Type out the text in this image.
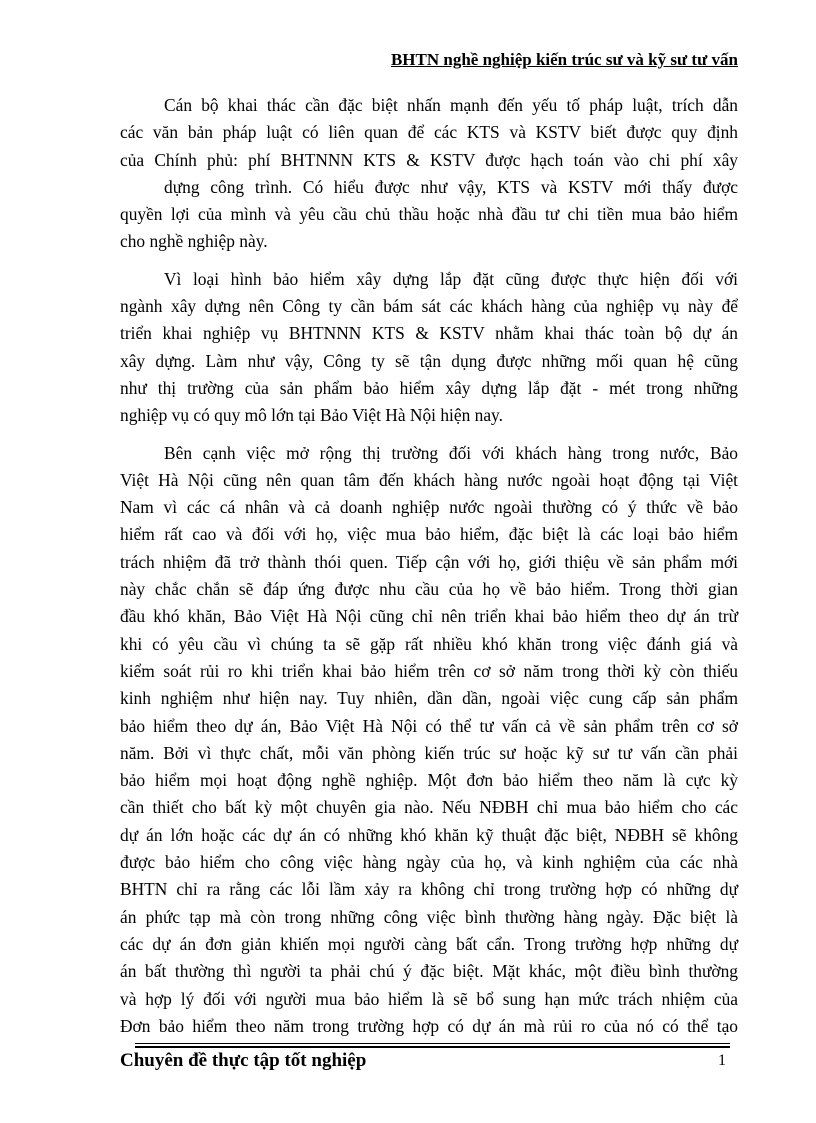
BHTN nghề nghiệp kiến trúc sư và kỹ sư tư vấn

Cán bộ khai thác cần đặc biệt nhấn mạnh đến yếu tố pháp luật, trích dẫn
các văn bản pháp luật có liên quan để các KTS và KSTV biết được quy định
của Chính phủ: phí BHTNNN KTS & KSTV được hạch toán vào chi phí xây
dựng công trình. Có hiểu được như vậy, KTS và KSTV mới thấy được
quyền lợi của mình và yêu cầu chủ thầu hoặc nhà đầu tư chi tiền mua bảo hiểm
cho nghề nghiệp này.

Vì loại hình bảo hiểm xây dựng lắp đặt cũng được thực hiện đối với
ngành xây dựng nên Công ty cần bám sát các khách hàng của nghiệp vụ này để
triển khai nghiệp vụ BHTNNN KTS & KSTV nhằm khai thác toàn bộ dự án
xây dựng. Làm như vậy, Công ty sẽ tận dụng được những mối quan hệ cũng
như thị trường của sản phẩm bảo hiểm xây dựng lắp đặt - mét trong những
nghiệp vụ có quy mô lớn tại Bảo Việt Hà Nội hiện nay.

Bên cạnh việc mở rộng thị trường đối với khách hàng trong nước, Bảo
Việt Hà Nội cũng nên quan tâm đến khách hàng nước ngoài hoạt động tại Việt
Nam vì các cá nhân và cả doanh nghiệp nước ngoài thường có ý thức về bảo
hiểm rất cao và đối với họ, việc mua bảo hiểm, đặc biệt là các loại bảo hiểm
trách nhiệm đã trở thành thói quen. Tiếp cận với họ, giới thiệu về sản phẩm mới
này chắc chắn sẽ đáp ứng được nhu cầu của họ về bảo hiểm. Trong thời gian
đầu khó khăn, Bảo Việt Hà Nội cũng chỉ nên triển khai bảo hiểm theo dự án trừ
khi có yêu cầu vì chúng ta sẽ gặp rất nhiều khó khăn trong việc đánh giá và
kiểm soát rủi ro khi triển khai bảo hiểm trên cơ sở năm trong thời kỳ còn thiếu
kinh nghiệm như hiện nay. Tuy nhiên, dần dần, ngoài việc cung cấp sản phẩm
bảo hiểm theo dự án, Bảo Việt Hà Nội có thể tư vấn cả về sản phẩm trên cơ sở
năm. Bởi vì thực chất, mỗi văn phòng kiến trúc sư hoặc kỹ sư tư vấn cần phải
bảo hiểm mọi hoạt động nghề nghiệp. Một đơn bảo hiểm theo năm là cực kỳ
cần thiết cho bất kỳ một chuyên gia nào. Nếu NĐBH chỉ mua bảo hiểm cho các
dự án lớn hoặc các dự án có những khó khăn kỹ thuật đặc biệt, NĐBH sẽ không
được bảo hiểm cho công việc hàng ngày của họ, và kinh nghiệm của các nhà
BHTN chỉ ra rằng các lỗi lầm xảy ra không chỉ trong trường hợp có những dự
án phức tạp mà còn trong những công việc bình thường hàng ngày. Đặc biệt là
các dự án đơn giản khiến mọi người càng bất cẩn. Trong trường hợp những dự
án bất thường thì người ta phải chú ý đặc biệt. Mặt khác, một điều bình thường
và hợp lý đối với người mua bảo hiểm là sẽ bổ sung hạn mức trách nhiệm của
Đơn bảo hiểm theo năm trong trường hợp có dự án mà rủi ro của nó có thể tạo

Chuyên đề thực tập tốt nghiệp	1
